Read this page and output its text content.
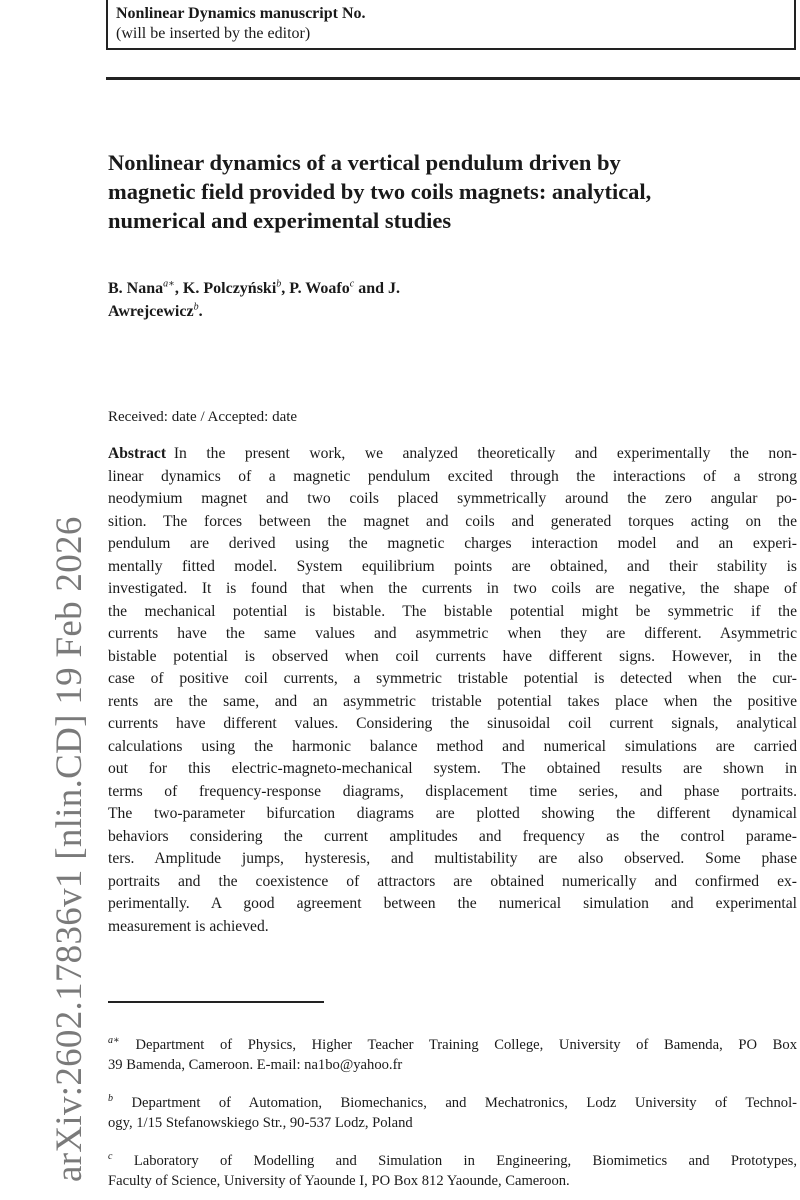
Nonlinear Dynamics manuscript No.
(will be inserted by the editor)
Nonlinear dynamics of a vertical pendulum driven by
magnetic field provided by two coils magnets: analytical,
numerical and experimental studies
B. Nana$^{a∗}$, K. Polczyński$^b$, P. Woafo$^c$ and J.
Awrejcewicz$^b$.
Received: date / Accepted: date
Abstract  In the present work, we analyzed theoretically and experimentally the non-
linear dynamics of a magnetic pendulum excited through the interactions of a strong
neodymium magnet and two coils placed symmetrically around the zero angular po-
sition. The forces between the magnet and coils and generated torques acting on the
pendulum are derived using the magnetic charges interaction model and an experi-
mentally fitted model. System equilibrium points are obtained, and their stability is
investigated. It is found that when the currents in two coils are negative, the shape of
the mechanical potential is bistable. The bistable potential might be symmetric if the
currents have the same values and asymmetric when they are different. Asymmetric
bistable potential is observed when coil currents have different signs. However, in the
case of positive coil currents, a symmetric tristable potential is detected when the cur-
rents are the same, and an asymmetric tristable potential takes place when the positive
currents have different values. Considering the sinusoidal coil current signals, analytical
calculations using the harmonic balance method and numerical simulations are carried
out for this electric-magneto-mechanical system. The obtained results are shown in
terms of frequency-response diagrams, displacement time series, and phase portraits.
The two-parameter bifurcation diagrams are plotted showing the different dynamical
behaviors considering the current amplitudes and frequency as the control parame-
ters. Amplitude jumps, hysteresis, and multistability are also observed. Some phase
portraits and the coexistence of attractors are obtained numerically and confirmed ex-
perimentally. A good agreement between the numerical simulation and experimental
measurement is achieved.
$^{a∗}$ Department of Physics, Higher Teacher Training College, University of Bamenda, PO Box
39 Bamenda, Cameroon. E-mail: na1bo@yahoo.fr
$^b$ Department of Automation, Biomechanics, and Mechatronics, Lodz University of Technol-
ogy, 1/15 Stefanowskiego Str., 90-537 Lodz, Poland
$^c$ Laboratory of Modelling and Simulation in Engineering, Biomimetics and Prototypes,
Faculty of Science, University of Yaounde I, PO Box 812 Yaounde, Cameroon.
arXiv:2602.17836v1 [nlin.CD] 19 Feb 2026
